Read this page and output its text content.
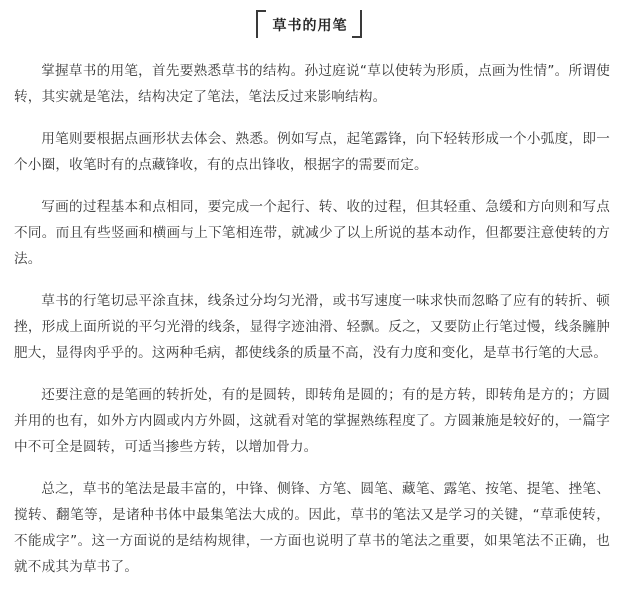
草书的用笔

掌握草书的用笔，首先要熟悉草书的结构。孙过庭说“草以使转为形质，点画为性情”。所谓使转，其实就是笔法，结构决定了笔法，笔法反过来影响结构。

用笔则要根据点画形状去体会、熟悉。例如写点，起笔露锋，向下轻转形成一个小弧度，即一个小圈，收笔时有的点藏锋收，有的点出锋收，根据字的需要而定。

写画的过程基本和点相同，要完成一个起行、转、收的过程，但其轻重、急缓和方向则和写点不同。而且有些竖画和横画与上下笔相连带，就减少了以上所说的基本动作，但都要注意使转的方法。

草书的行笔切忌平涂直抹，线条过分均匀光滑，或书写速度一味求快而忽略了应有的转折、顿挫，形成上面所说的平匀光滑的线条，显得字迹油滑、轻飘。反之，又要防止行笔过慢，线条臃肿肥大，显得肉乎乎的。这两种毛病，都使线条的质量不高，没有力度和变化，是草书行笔的大忌。

还要注意的是笔画的转折处，有的是圆转，即转角是圆的；有的是方转，即转角是方的；方圆并用的也有，如外方内圆或内方外圆，这就看对笔的掌握熟练程度了。方圆兼施是较好的，一篇字中不可全是圆转，可适当掺些方转，以增加骨力。

总之，草书的笔法是最丰富的，中锋、侧锋、方笔、圆笔、藏笔、露笔、按笔、提笔、挫笔、搅转、翻笔等，是诸种书体中最集笔法大成的。因此，草书的笔法又是学习的关键，“草乖使转，不能成字”。这一方面说的是结构规律，一方面也说明了草书的笔法之重要，如果笔法不正确，也就不成其为草书了。
